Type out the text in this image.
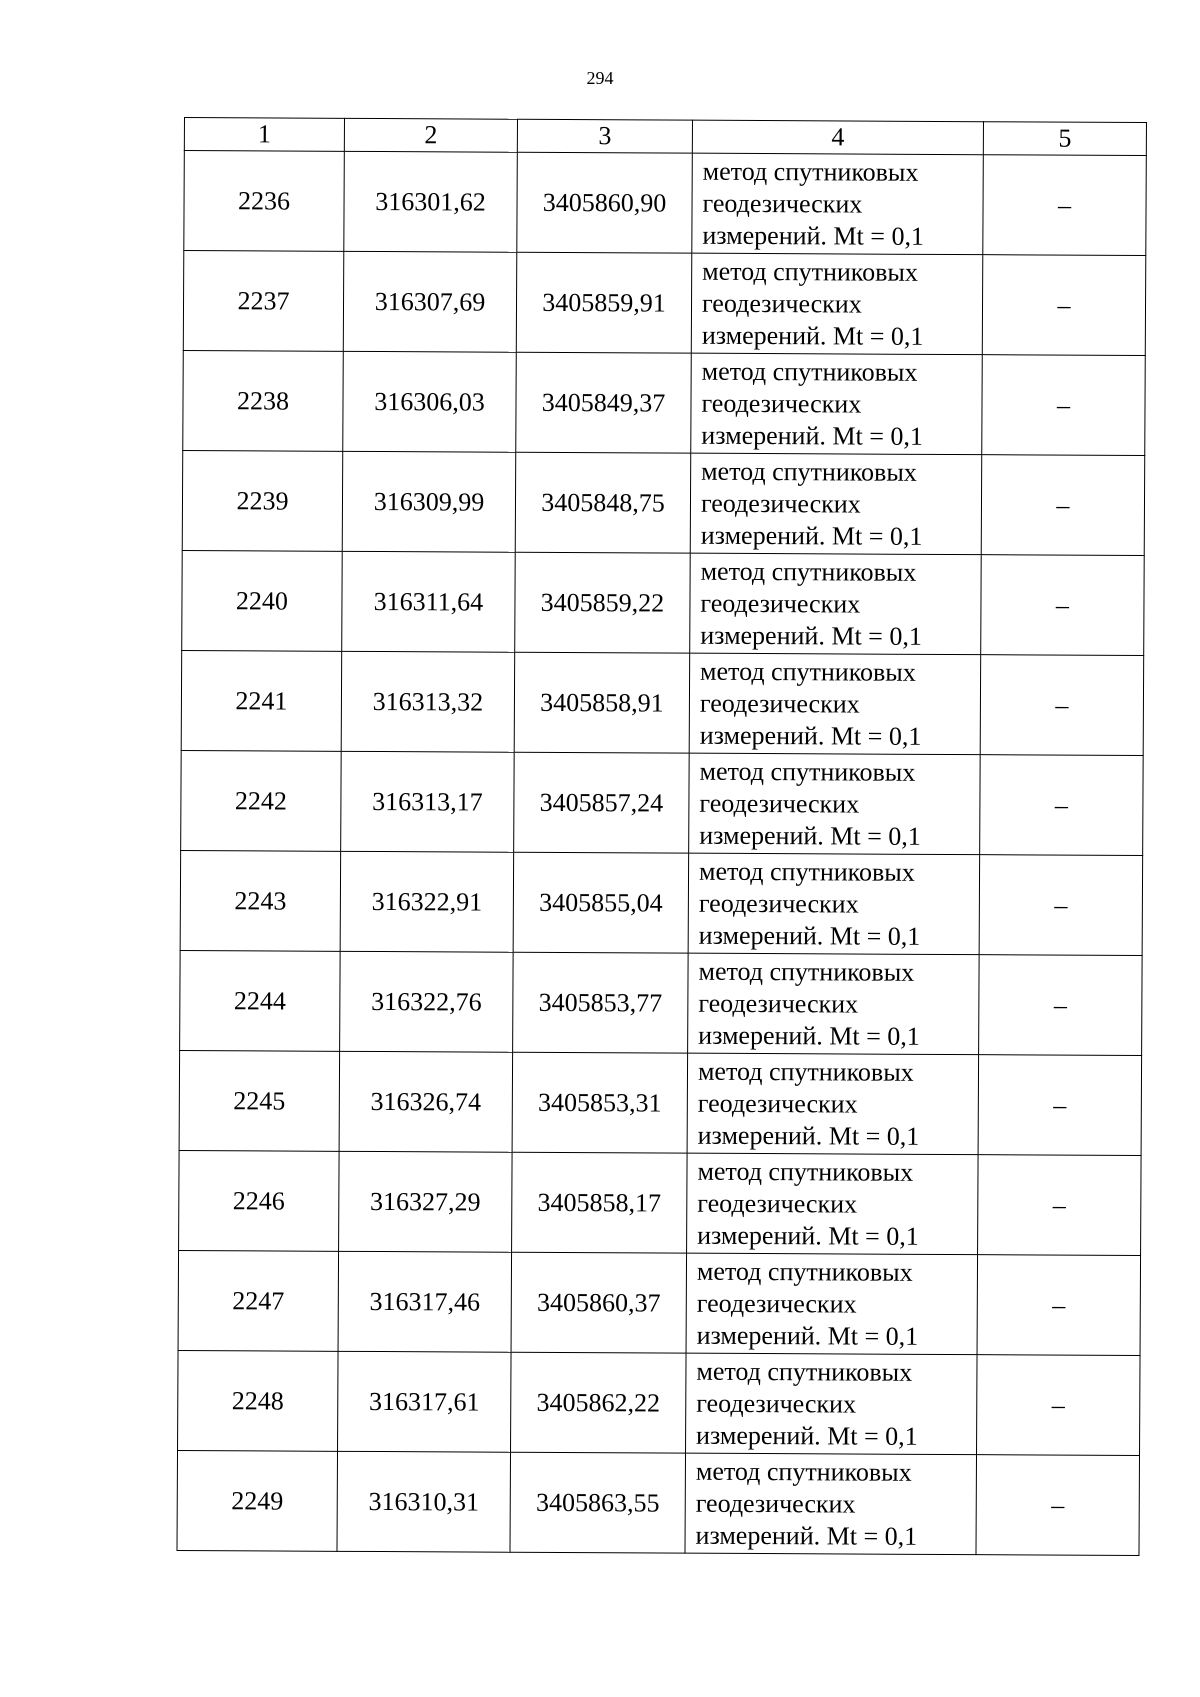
294
1	2	3	4	5
2236	316301,62	3405860,90	метод спутниковых
геодезических
измерений. Mt = 0,1	–
2237	316307,69	3405859,91	метод спутниковых
геодезических
измерений. Mt = 0,1	–
2238	316306,03	3405849,37	метод спутниковых
геодезических
измерений. Mt = 0,1	–
2239	316309,99	3405848,75	метод спутниковых
геодезических
измерений. Mt = 0,1	–
2240	316311,64	3405859,22	метод спутниковых
геодезических
измерений. Mt = 0,1	–
2241	316313,32	3405858,91	метод спутниковых
геодезических
измерений. Mt = 0,1	–
2242	316313,17	3405857,24	метод спутниковых
геодезических
измерений. Mt = 0,1	–
2243	316322,91	3405855,04	метод спутниковых
геодезических
измерений. Mt = 0,1	–
2244	316322,76	3405853,77	метод спутниковых
геодезических
измерений. Mt = 0,1	–
2245	316326,74	3405853,31	метод спутниковых
геодезических
измерений. Mt = 0,1	–
2246	316327,29	3405858,17	метод спутниковых
геодезических
измерений. Mt = 0,1	–
2247	316317,46	3405860,37	метод спутниковых
геодезических
измерений. Mt = 0,1	–
2248	316317,61	3405862,22	метод спутниковых
геодезических
измерений. Mt = 0,1	–
2249	316310,31	3405863,55	метод спутниковых
геодезических
измерений. Mt = 0,1	–
